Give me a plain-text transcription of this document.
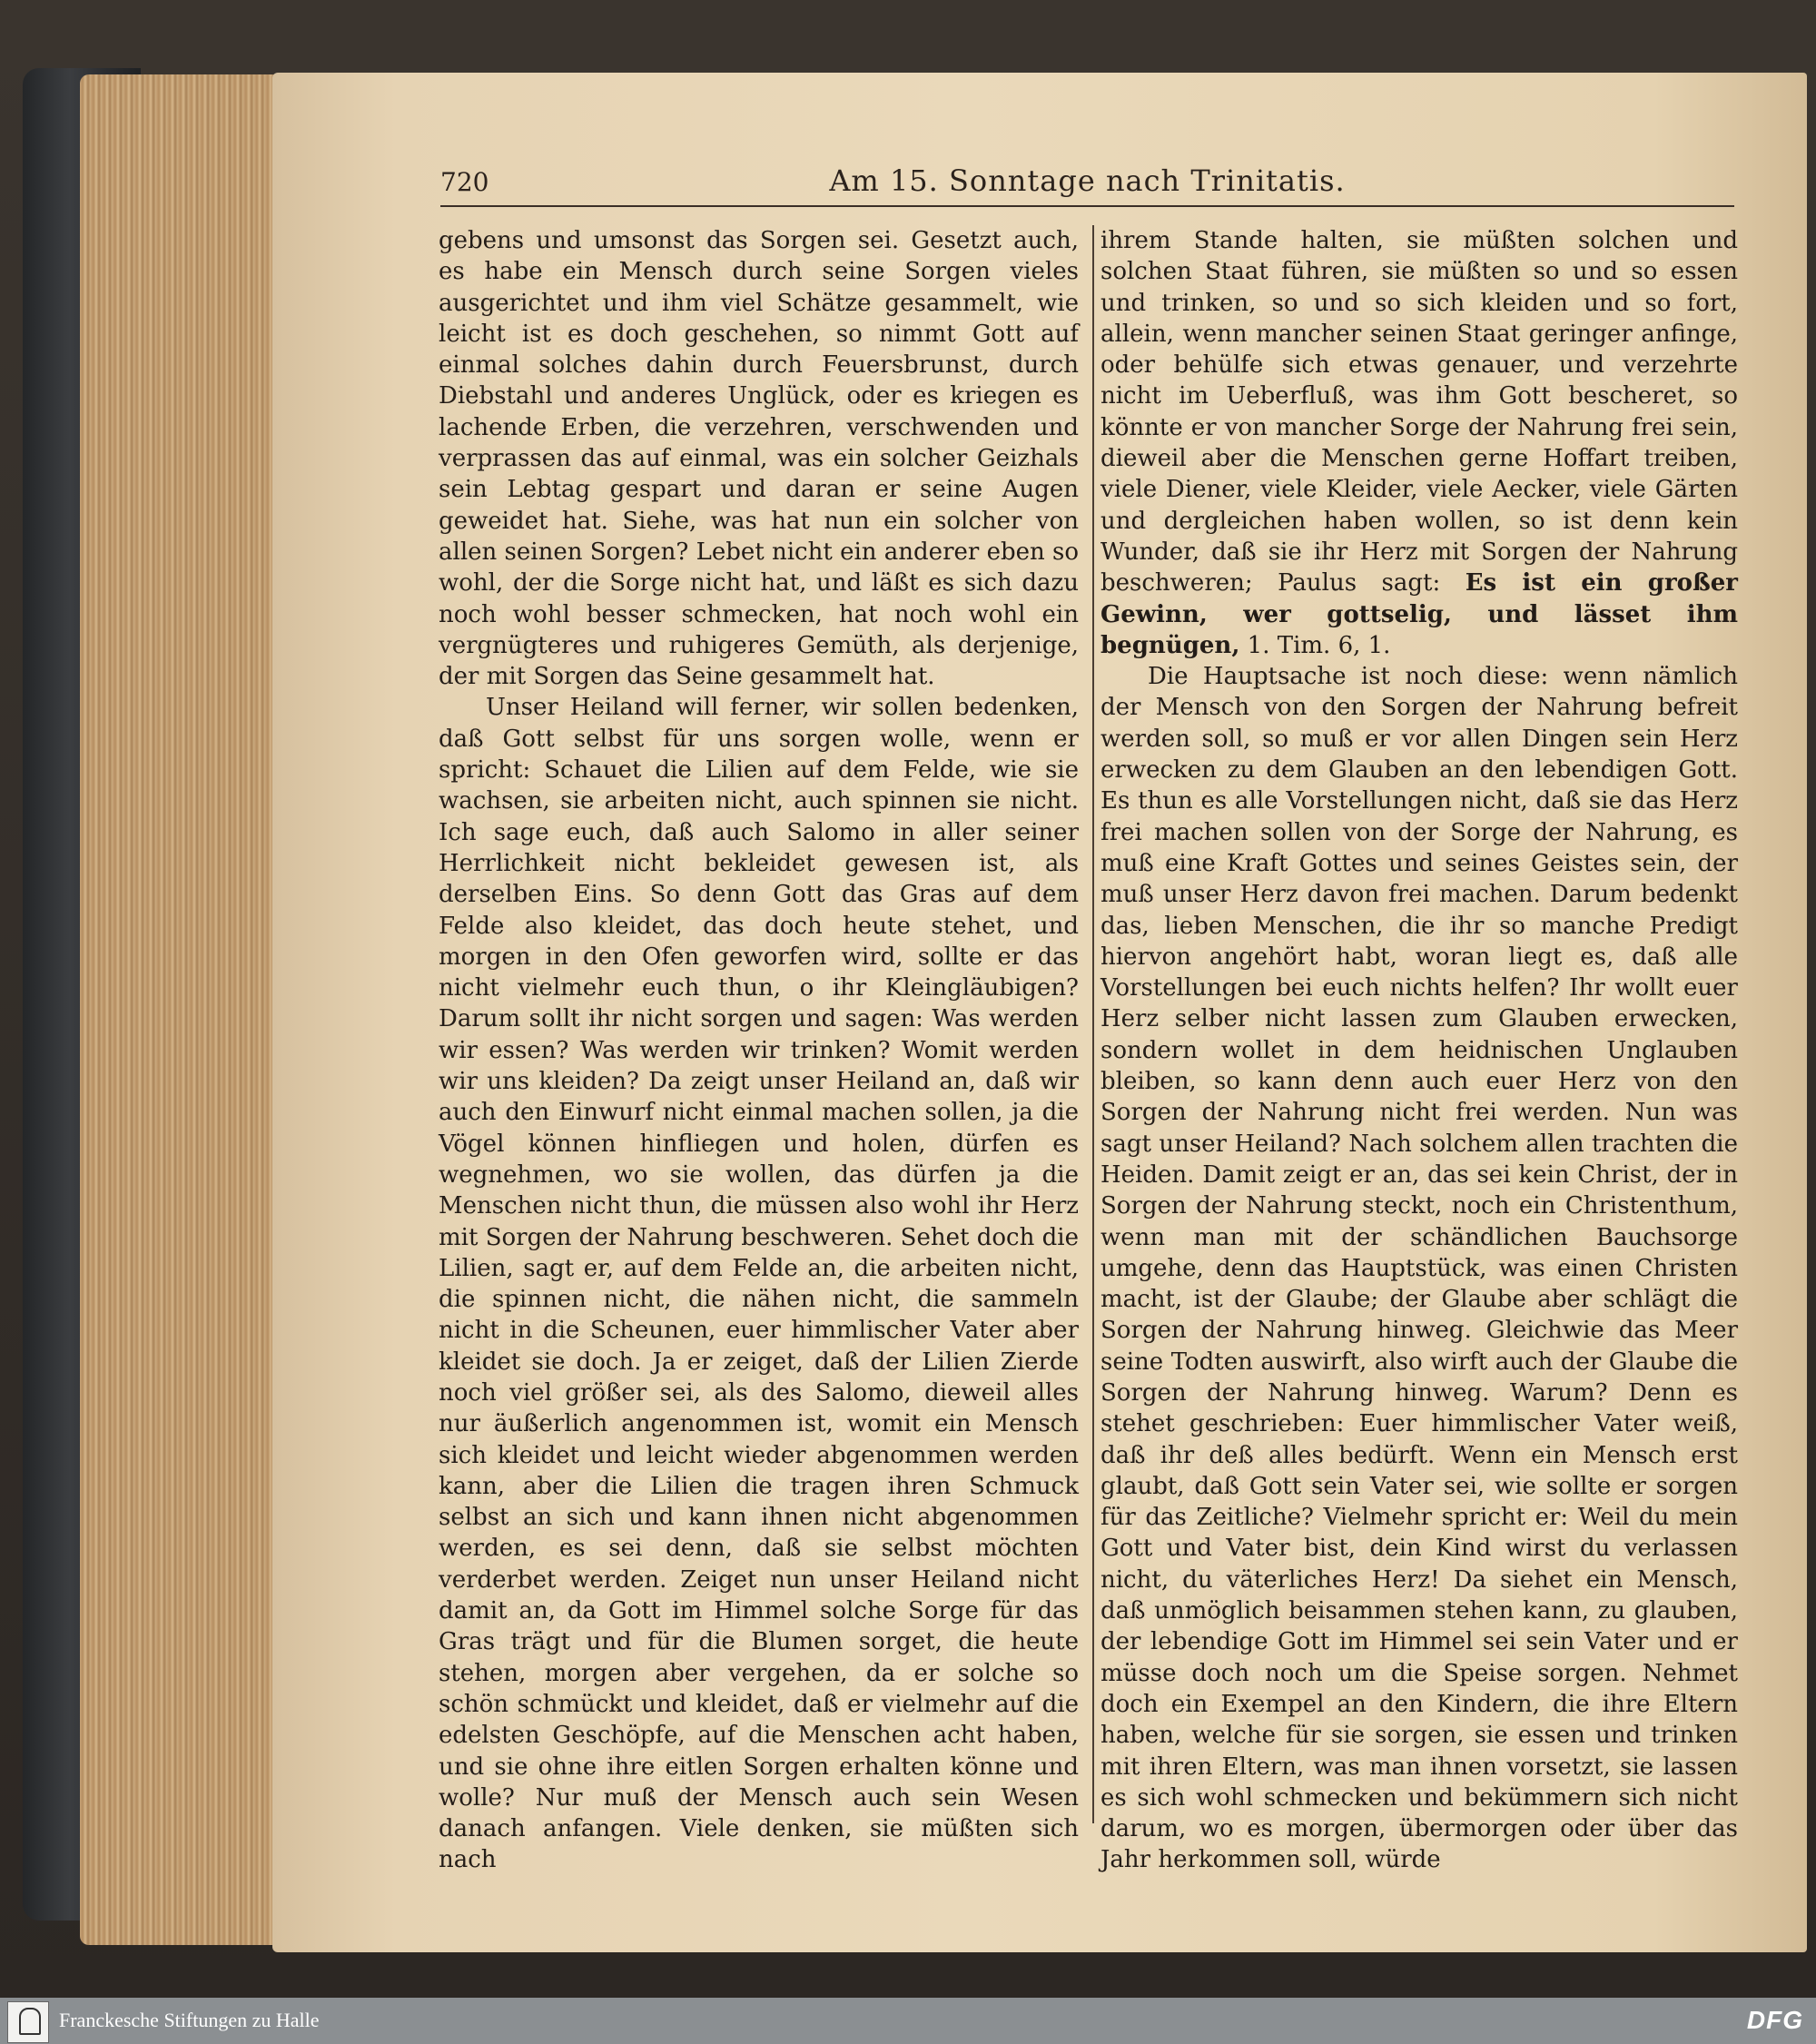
720	Am 15. Sonntage nach Trinitatis.
gebens und umsonst das Sorgen sei. Gesetzt auch, es habe ein Mensch durch seine Sorgen vieles ausgerichtet und ihm viel Schätze gesammelt, wie leicht ist es doch geschehen, so nimmt Gott auf einmal solches dahin durch Feuersbrunst, durch Diebstahl und anderes Unglück, oder es kriegen es lachende Erben, die verzehren, verschwenden und verprassen das auf einmal, was ein solcher Geizhals sein Lebtag gespart und daran er seine Augen geweidet hat. Siehe, was hat nun ein solcher von allen seinen Sorgen? Lebet nicht ein anderer eben so wohl, der die Sorge nicht hat, und läßt es sich dazu noch wohl besser schmecken, hat noch wohl ein vergnügteres und ruhigeres Gemüth, als derjenige, der mit Sorgen das Seine gesammelt hat.
Unser Heiland will ferner, wir sollen bedenken, daß Gott selbst für uns sorgen wolle, wenn er spricht: Schauet die Lilien auf dem Felde, wie sie wachsen, sie arbeiten nicht, auch spinnen sie nicht. Ich sage euch, daß auch Salomo in aller seiner Herrlichkeit nicht bekleidet gewesen ist, als derselben Eins. So denn Gott das Gras auf dem Felde also kleidet, das doch heute stehet, und morgen in den Ofen geworfen wird, sollte er das nicht vielmehr euch thun, o ihr Kleingläubigen? Darum sollt ihr nicht sorgen und sagen: Was werden wir essen? Was werden wir trinken? Womit werden wir uns kleiden? Da zeigt unser Heiland an, daß wir auch den Einwurf nicht einmal machen sollen, ja die Vögel können hinfliegen und holen, dürfen es wegnehmen, wo sie wollen, das dürfen ja die Menschen nicht thun, die müssen also wohl ihr Herz mit Sorgen der Nahrung beschweren. Sehet doch die Lilien, sagt er, auf dem Felde an, die arbeiten nicht, die spinnen nicht, die nähen nicht, die sammeln nicht in die Scheunen, euer himmlischer Vater aber kleidet sie doch. Ja er zeiget, daß der Lilien Zierde noch viel größer sei, als des Salomo, dieweil alles nur äußerlich angenommen ist, womit ein Mensch sich kleidet und leicht wieder abgenommen werden kann, aber die Lilien die tragen ihren Schmuck selbst an sich und kann ihnen nicht abgenommen werden, es sei denn, daß sie selbst möchten verderbet werden. Zeiget nun unser Heiland nicht damit an, da Gott im Himmel solche Sorge für das Gras trägt und für die Blumen sorget, die heute stehen, morgen aber vergehen, da er solche so schön schmückt und kleidet, daß er vielmehr auf die edelsten Geschöpfe, auf die Menschen acht haben, und sie ohne ihre eitlen Sorgen erhalten könne und wolle? Nur muß der Mensch auch sein Wesen danach anfangen. Viele denken, sie müßten sich nach
ihrem Stande halten, sie müßten solchen und solchen Staat führen, sie müßten so und so essen und trinken, so und so sich kleiden und so fort, allein, wenn mancher seinen Staat geringer anfinge, oder behülfe sich etwas genauer, und verzehrte nicht im Ueberfluß, was ihm Gott bescheret, so könnte er von mancher Sorge der Nahrung frei sein, dieweil aber die Menschen gerne Hoffart treiben, viele Diener, viele Kleider, viele Aecker, viele Gärten und dergleichen haben wollen, so ist denn kein Wunder, daß sie ihr Herz mit Sorgen der Nahrung beschweren; Paulus sagt: Es ist ein großer Gewinn, wer gottselig, und lässet ihm begnügen, 1. Tim. 6, 1.
Die Hauptsache ist noch diese: wenn nämlich der Mensch von den Sorgen der Nahrung befreit werden soll, so muß er vor allen Dingen sein Herz erwecken zu dem Glauben an den lebendigen Gott. Es thun es alle Vorstellungen nicht, daß sie das Herz frei machen sollen von der Sorge der Nahrung, es muß eine Kraft Gottes und seines Geistes sein, der muß unser Herz davon frei machen. Darum bedenkt das, lieben Menschen, die ihr so manche Predigt hiervon angehört habt, woran liegt es, daß alle Vorstellungen bei euch nichts helfen? Ihr wollt euer Herz selber nicht lassen zum Glauben erwecken, sondern wollet in dem heidnischen Unglauben bleiben, so kann denn auch euer Herz von den Sorgen der Nahrung nicht frei werden. Nun was sagt unser Heiland? Nach solchem allen trachten die Heiden. Damit zeigt er an, das sei kein Christ, der in Sorgen der Nahrung steckt, noch ein Christenthum, wenn man mit der schändlichen Bauchsorge umgehe, denn das Hauptstück, was einen Christen macht, ist der Glaube; der Glaube aber schlägt die Sorgen der Nahrung hinweg. Gleichwie das Meer seine Todten auswirft, also wirft auch der Glaube die Sorgen der Nahrung hinweg. Warum? Denn es stehet geschrieben: Euer himmlischer Vater weiß, daß ihr deß alles bedürft. Wenn ein Mensch erst glaubt, daß Gott sein Vater sei, wie sollte er sorgen für das Zeitliche? Vielmehr spricht er: Weil du mein Gott und Vater bist, dein Kind wirst du verlassen nicht, du väterliches Herz! Da siehet ein Mensch, daß unmöglich beisammen stehen kann, zu glauben, der lebendige Gott im Himmel sei sein Vater und er müsse doch noch um die Speise sorgen. Nehmet doch ein Exempel an den Kindern, die ihre Eltern haben, welche für sie sorgen, sie essen und trinken mit ihren Eltern, was man ihnen vorsetzt, sie lassen es sich wohl schmecken und bekümmern sich nicht darum, wo es morgen, übermorgen oder über das Jahr herkommen soll, würde
Franckesche Stiftungen zu Halle	DFG
